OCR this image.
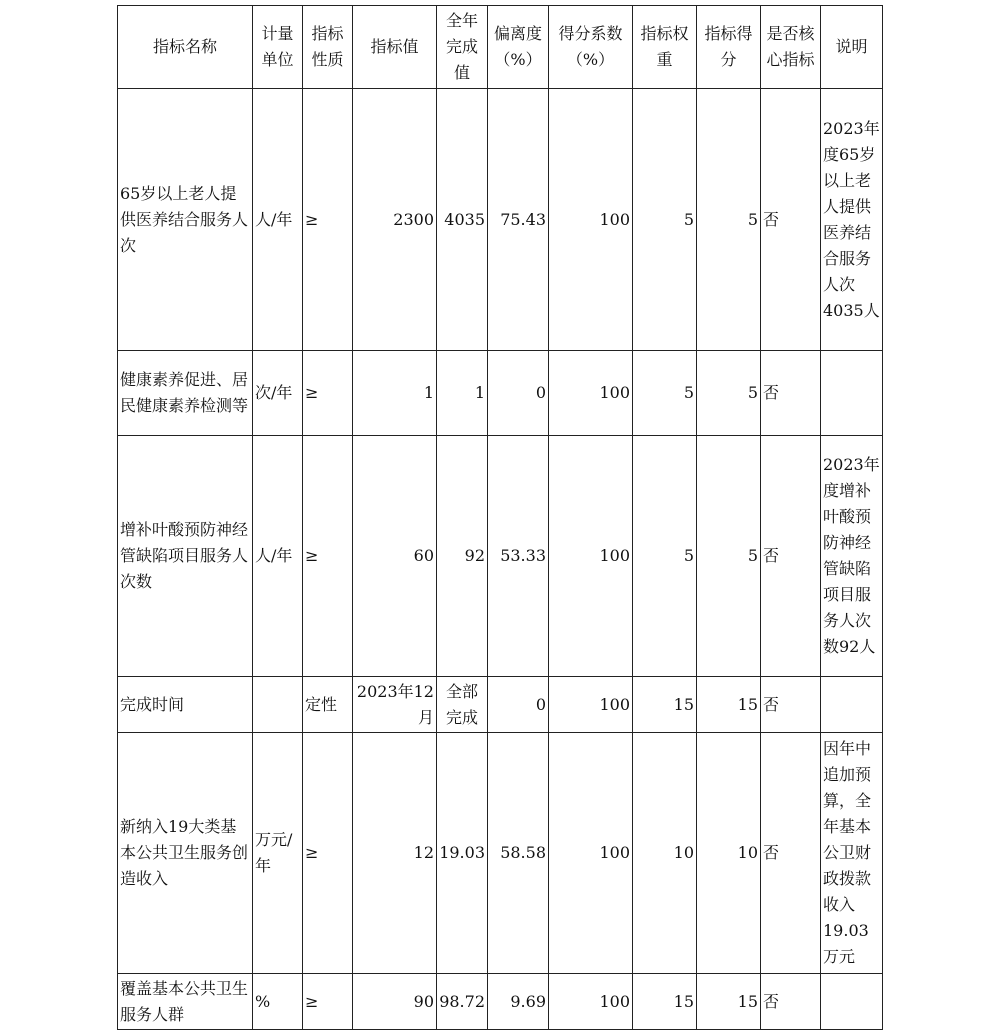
指标名称	计量单位	指标性质	指标值	全年完成值	偏离度（%）	得分系数（%）	指标权重	指标得分	是否核心指标	说明
65岁以上老人提供医养结合服务人次	人/年	≥	2300	4035	75.43	100	5	5	否	2023年度65岁以上老人提供医养结合服务人次4035人
健康素养促进、居民健康素养检测等	次/年	≥	1	1	0	100	5	5	否	
增补叶酸预防神经管缺陷项目服务人次数	人/年	≥	60	92	53.33	100	5	5	否	2023年度增补叶酸预防神经管缺陷项目服务人次数92人
完成时间		定性	2023年12月	全部完成	0	100	15	15	否	
新纳入19大类基本公共卫生服务创造收入	万元/年	≥	12	19.03	58.58	100	10	10	否	因年中追加预算，全年基本公卫财政拨款收入19.03万元
覆盖基本公共卫生服务人群	%	≥	90	98.72	9.69	100	15	15	否	
